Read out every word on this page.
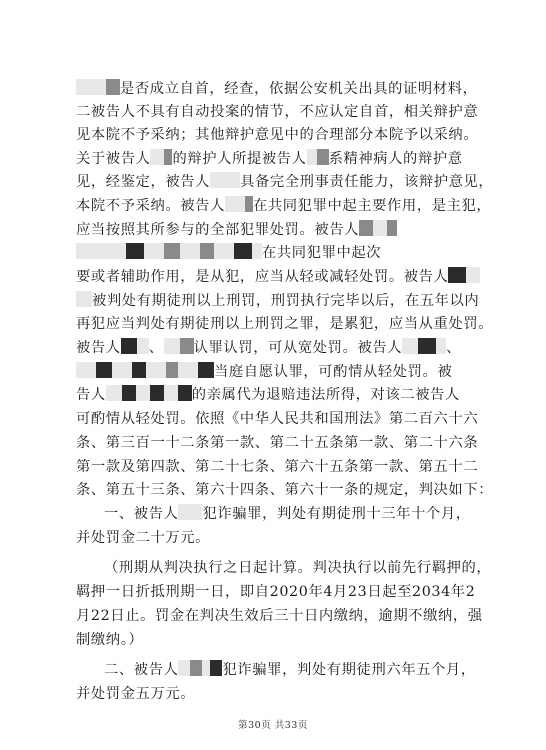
是否成立自首，经查，依据公安机关出具的证明材料，
二被告人不具有自动投案的情节，不应认定自首，相关辩护意
见本院不予采纳；其他辩护意见中的合理部分本院予以采纳。
关于被告人 的辩护人所提被告人 系精神病人的辩护意
见，经鉴定，被告人 具备完全刑事责任能力，该辩护意见，
本院不予采纳。被告人 在共同犯罪中起主要作用，是主犯，
应当按照其所参与的全部犯罪处罚。被告人
在共同犯罪中起次
要或者辅助作用，是从犯，应当从轻或减轻处罚。被告人
被判处有期徒刑以上刑罚，刑罚执行完毕以后，在五年以内
再犯应当判处有期徒刑以上刑罚之罪，是累犯，应当从重处罚。
被告人 、 认罪认罚，可从宽处罚。被告人	、
当庭自愿认罪，可酌情从轻处罚。被
告人	的亲属代为退赔违法所得，对该二被告人
可酌情从轻处罚。依照《中华人民共和国刑法》第二百六十六
条、第三百一十二条第一款、第二十五条第一款、第二十六条
第一款及第四款、第二十七条、第六十五条第一款、第五十二
条、第五十三条、第六十四条、第六十一条的规定，判决如下：
一、被告人 犯诈骗罪，判处有期徒刑十三年十个月，
并处罚金二十万元。
（刑期从判决执行之日起计算。判决执行以前先行羁押的，
羁押一日折抵刑期一日，即自2020年4月23日起至2034年2
月22日止。罚金在判决生效后三十日内缴纳，逾期不缴纳，强
制缴纳。）
二、被告人	犯诈骗罪，判处有期徒刑六年五个月，
并处罚金五万元。
第30页 共33页
